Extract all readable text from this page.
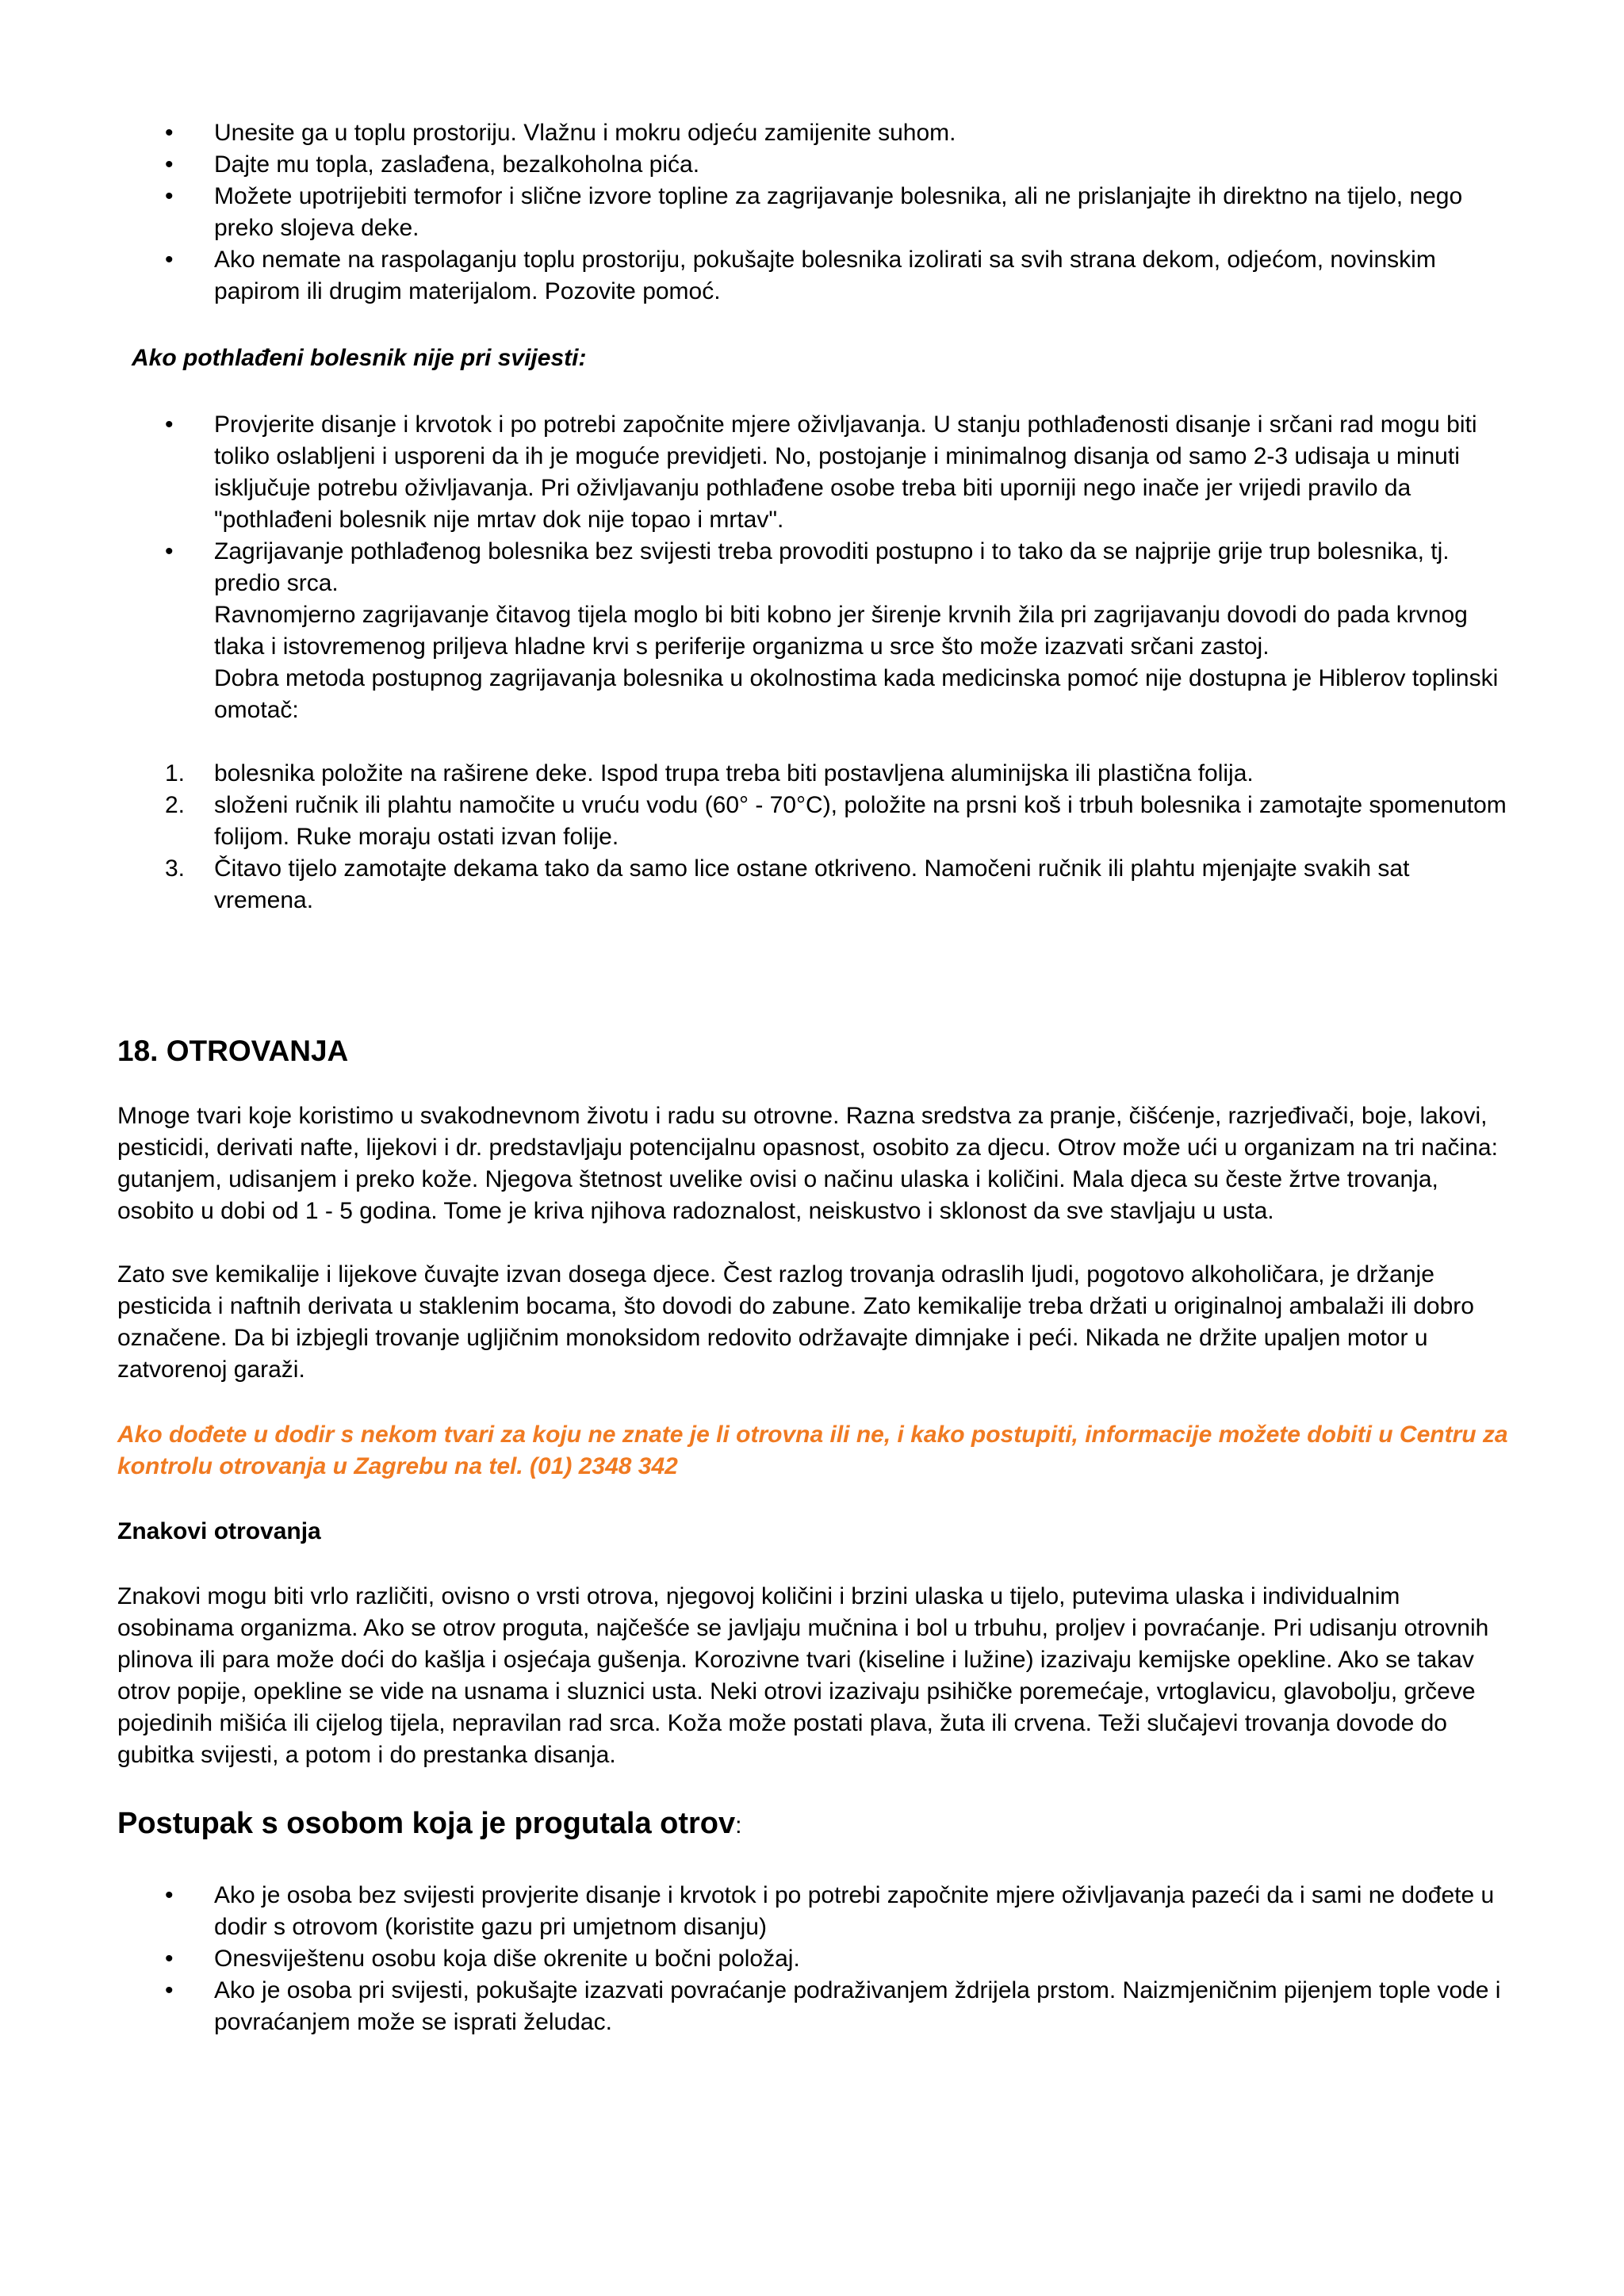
• Unesite ga u toplu prostoriju. Vlažnu i mokru odjeću zamijenite suhom.
• Dajte mu topla, zaslađena, bezalkoholna pića.
• Možete upotrijebiti termofor i slične izvore topline za zagrijavanje bolesnika, ali ne prislanjajte ih direktno na tijelo, nego preko slojeva deke.
• Ako nemate na raspolaganju toplu prostoriju, pokušajte bolesnika izolirati sa svih strana dekom, odjećom, novinskim papirom ili drugim materijalom. Pozovite pomoć.
Ako pothlađeni bolesnik nije pri svijesti:
• Provjerite disanje i krvotok i po potrebi započnite mjere oživljavanja. U stanju pothlađenosti disanje i srčani rad mogu biti toliko oslabljeni i usporeni da ih je moguće previdjeti. No, postojanje i minimalnog disanja od samo 2-3 udisaja u minuti isključuje potrebu oživljavanja. Pri oživljavanju pothlađene osobe treba biti uporniji nego inače jer vrijedi pravilo da "pothlađeni bolesnik nije mrtav dok nije topao i mrtav".
• Zagrijavanje pothlađenog bolesnika bez svijesti treba provoditi postupno i to tako da se najprije grije trup bolesnika, tj. predio srca.
Ravnomjerno zagrijavanje čitavog tijela moglo bi biti kobno jer širenje krvnih žila pri zagrijavanju dovodi do pada krvnog tlaka i istovremenog priljeva hladne krvi s periferije organizma u srce što može izazvati srčani zastoj.
Dobra metoda postupnog zagrijavanja bolesnika u okolnostima kada medicinska pomoć nije dostupna je Hiblerov toplinski omotač:
1. bolesnika položite na raširene deke. Ispod trupa treba biti postavljena aluminijska ili plastična folija.
2. složeni ručnik ili plahtu namočite u vruću vodu (60° - 70°C), položite na prsni koš i trbuh bolesnika i zamotajte spomenutom folijom. Ruke moraju ostati izvan folije.
3. Čitavo tijelo zamotajte dekama tako da samo lice ostane otkriveno. Namočeni ručnik ili plahtu mjenjajte svakih sat vremena.
18. OTROVANJA

Mnoge tvari koje koristimo u svakodnevnom životu i radu su otrovne. Razna sredstva za pranje, čišćenje, razrjeđivači, boje, lakovi, pesticidi, derivati nafte, lijekovi i dr. predstavljaju potencijalnu opasnost, osobito za djecu. Otrov može ući u organizam na tri načina: gutanjem, udisanjem i preko kože. Njegova štetnost uvelike ovisi o načinu ulaska i količini. Mala djeca su česte žrtve trovanja, osobito u dobi od 1 - 5 godina. Tome je kriva njihova radoznalost, neiskustvo i sklonost da sve stavljaju u usta.

Zato sve kemikalije i lijekove čuvajte izvan dosega djece. Čest razlog trovanja odraslih ljudi, pogotovo alkoholičara, je držanje pesticida i naftnih derivata u staklenim bocama, što dovodi do zabune. Zato kemikalije treba držati u originalnoj ambalaži ili dobro označene. Da bi izbjegli trovanje ugljičnim monoksidom redovito održavajte dimnjake i peći. Nikada ne držite upaljen motor u zatvorenoj garaži.

Ako dođete u dodir s nekom tvari za koju ne znate je li otrovna ili ne, i kako postupiti, informacije možete dobiti u Centru za kontrolu otrovanja u Zagrebu na tel. (01) 2348 342

Znakovi otrovanja

Znakovi mogu biti vrlo različiti, ovisno o vrsti otrova, njegovoj količini i brzini ulaska u tijelo, putevima ulaska i individualnim osobinama organizma. Ako se otrov proguta, najčešće se javljaju mučnina i bol u trbuhu, proljev i povraćanje. Pri udisanju otrovnih plinova ili para može doći do kašlja i osjećaja gušenja. Korozivne tvari (kiseline i lužine) izazivaju kemijske opekline. Ako se takav otrov popije, opekline se vide na usnama i sluznici usta. Neki otrovi izazivaju psihičke poremećaje, vrtoglavicu, glavobolju, grčeve pojedinih mišića ili cijelog tijela, nepravilan rad srca. Koža može postati plava, žuta ili crvena. Teži slučajevi trovanja dovode do gubitka svijesti, a potom i do prestanka disanja.

Postupak s osobom koja je progutala otrov:

• Ako je osoba bez svijesti provjerite disanje i krvotok i po potrebi započnite mjere oživljavanja pazeći da i sami ne dođete u dodir s otrovom (koristite gazu pri umjetnom disanju)
• Onesviještenu osobu koja diše okrenite u bočni položaj.
• Ako je osoba pri svijesti, pokušajte izazvati povraćanje podraživanjem ždrijela prstom. Naizmjeničnim pijenjem tople vode i povraćanjem može se isprati želudac.
